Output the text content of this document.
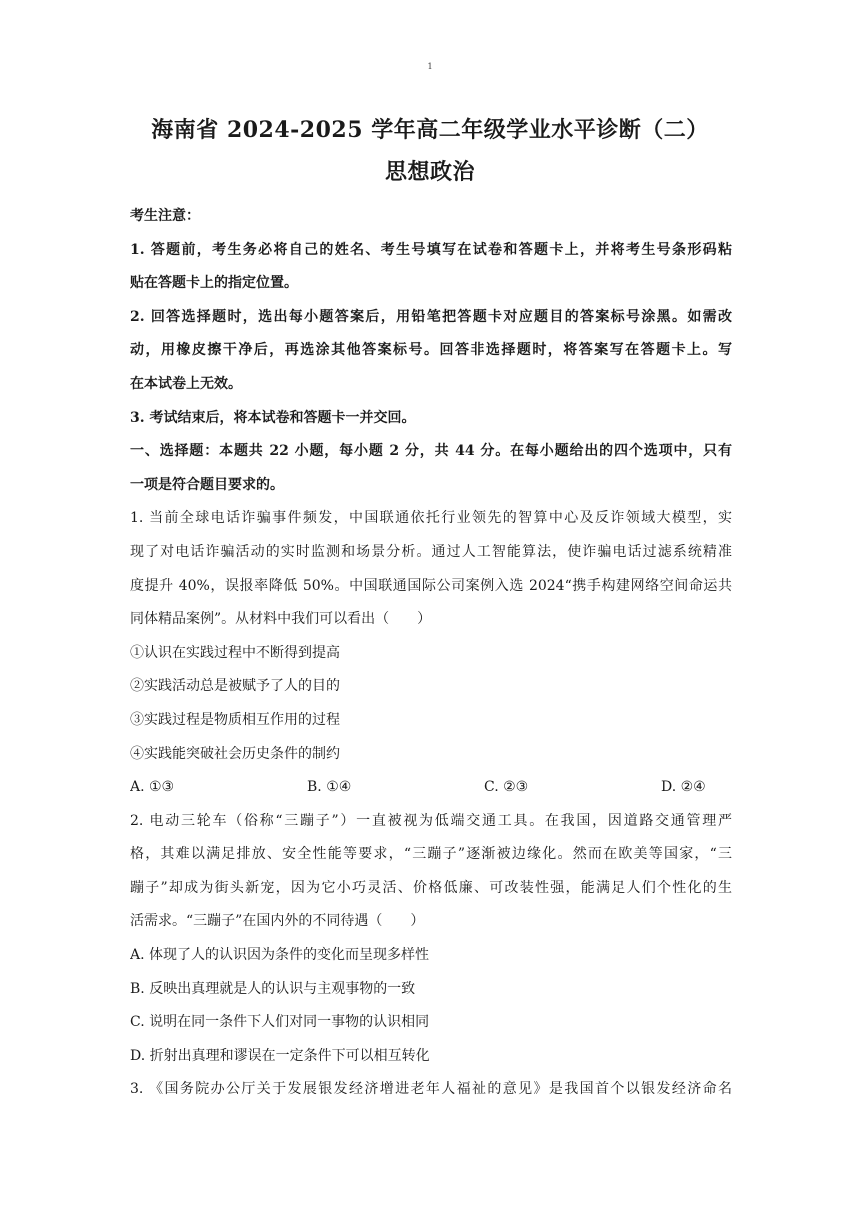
1
海南省 2024-2025 学年高二年级学业水平诊断（二）
思想政治
考生注意：
1. 答题前，考生务必将自己的姓名、考生号填写在试卷和答题卡上，并将考生号条形码粘
贴在答题卡上的指定位置。
2. 回答选择题时，选出每小题答案后，用铅笔把答题卡对应题目的答案标号涂黑。如需改
动，用橡皮擦干净后，再选涂其他答案标号。回答非选择题时，将答案写在答题卡上。写
在本试卷上无效。
3. 考试结束后，将本试卷和答题卡一并交回。
一、选择题：本题共 22 小题，每小题 2 分，共 44 分。在每小题给出的四个选项中，只有
一项是符合题目要求的。
1. 当前全球电话诈骗事件频发，中国联通依托行业领先的智算中心及反诈领域大模型，实
现了对电话诈骗活动的实时监测和场景分析。通过人工智能算法，使诈骗电话过滤系统精准
度提升 40%，误报率降低 50%。中国联通国际公司案例入选 2024“携手构建网络空间命运共
同体精品案例”。从材料中我们可以看出（　　）
①认识在实践过程中不断得到提高
②实践活动总是被赋予了人的目的
③实践过程是物质相互作用的过程
④实践能突破社会历史条件的制约
A. ①③	B. ①④	C. ②③	D. ②④
2. 电动三轮车（俗称“三蹦子”）一直被视为低端交通工具。在我国，因道路交通管理严
格，其难以满足排放、安全性能等要求，“三蹦子”逐渐被边缘化。然而在欧美等国家，“三
蹦子”却成为街头新宠，因为它小巧灵活、价格低廉、可改装性强，能满足人们个性化的生
活需求。“三蹦子”在国内外的不同待遇（　　）
A. 体现了人的认识因为条件的变化而呈现多样性
B. 反映出真理就是人的认识与主观事物的一致
C. 说明在同一条件下人们对同一事物的认识相同
D. 折射出真理和谬误在一定条件下可以相互转化
3. 《国务院办公厅关于发展银发经济增进老年人福祉的意见》是我国首个以银发经济命名
